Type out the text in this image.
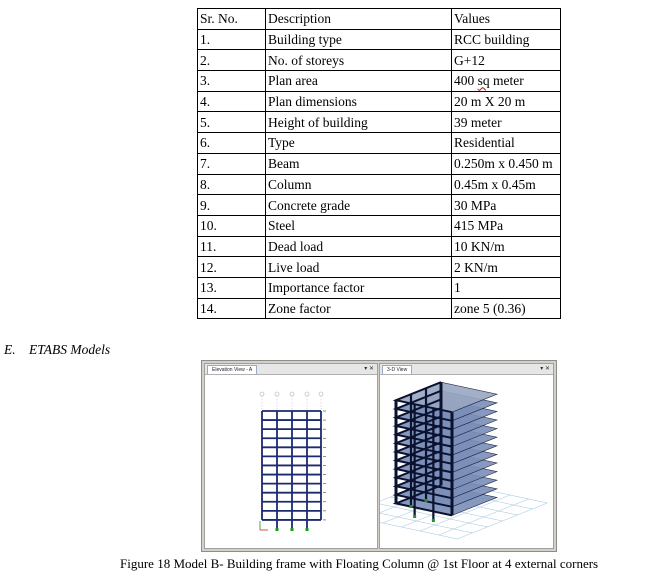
Sr. No.	Description	Values
1.	Building type	RCC building
2.	No. of storeys	G+12
3.	Plan area	400 sq meter
4.	Plan dimensions	20 m X 20 m
5.	Height of building	39 meter
6.	Type	Residential
7.	Beam	0.250m x 0.450 m
8.	Column	0.45m x 0.45m
9.	Concrete grade	30 MPa
10.	Steel	415 MPa
11.	Dead load	10 KN/m
12.	Live load	2 KN/m
13.	Importance factor	1
14.	Zone factor	zone 5 (0.36)
E. ETABS Models
Elevation View - A	▾ ✕	3-D View	▾ ✕
Figure 18 Model B- Building frame with Floating Column @ 1st Floor at 4 external corners
